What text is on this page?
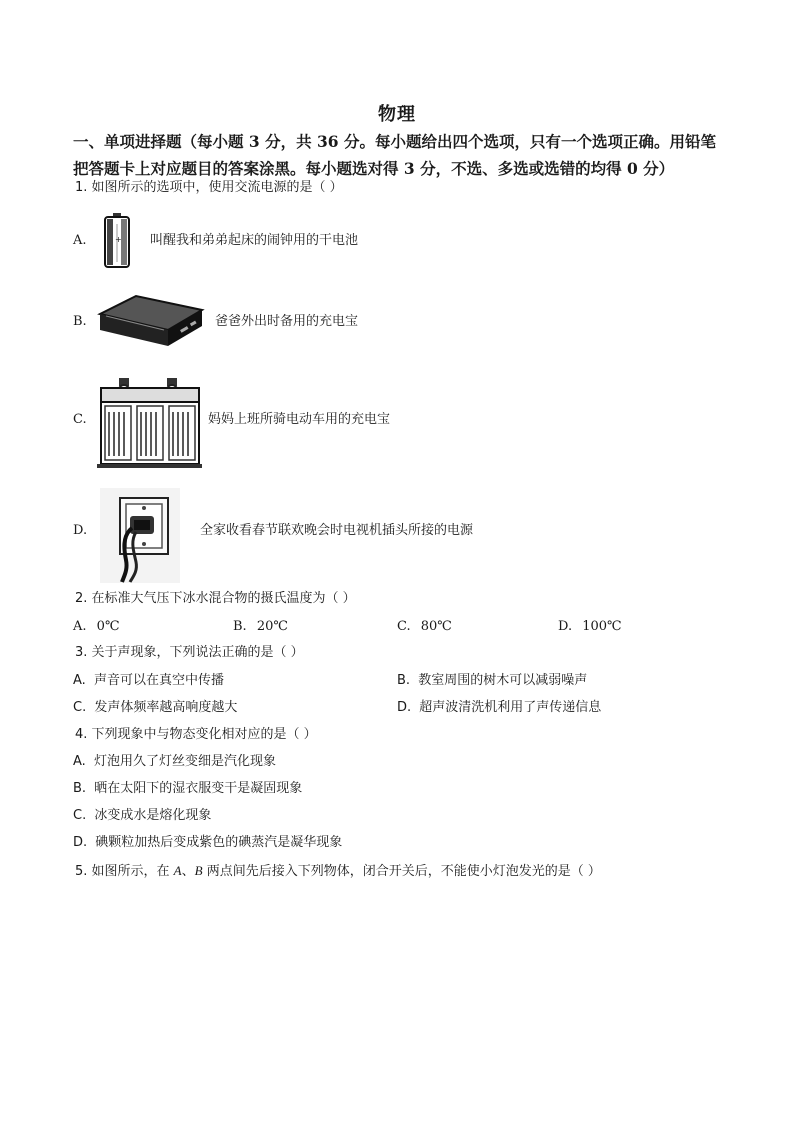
物理
一、单项进择题（每小题 3 分，共 36 分。每小题给出四个选项，只有一个选项正确。用铅笔把答题卡上对应题目的答案涂黑。每小题选对得 3 分，不选、多选或选错的均得 0 分）
1. 如图所示的选项中，使用交流电源的是（ ）
A.	+ 叫醒我和弟弟起床的闹钟用的干电池
B.	爸爸外出时备用的充电宝
C.	妈妈上班所骑电动车用的充电宝
D.	全家收看春节联欢晚会时电视机插头所接的电源
2. 在标准大气压下冰水混合物的摄氏温度为（ ）
A. 0℃	B. 20℃	C. 80℃	D. 100℃
3. 关于声现象，下列说法正确的是（ ）
A. 声音可以在真空中传播	B. 教室周围的树木可以减弱噪声
C. 发声体频率越高响度越大	D. 超声波清洗机利用了声传递信息
4. 下列现象中与物态变化相对应的是（ ）
A. 灯泡用久了灯丝变细是汽化现象
B. 晒在太阳下的湿衣服变干是凝固现象
C. 冰变成水是熔化现象
D. 碘颗粒加热后变成紫色的碘蒸汽是凝华现象
5. 如图所示，在 A、B 两点间先后接入下列物体，闭合开关后，不能使小灯泡发光的是（ ）
